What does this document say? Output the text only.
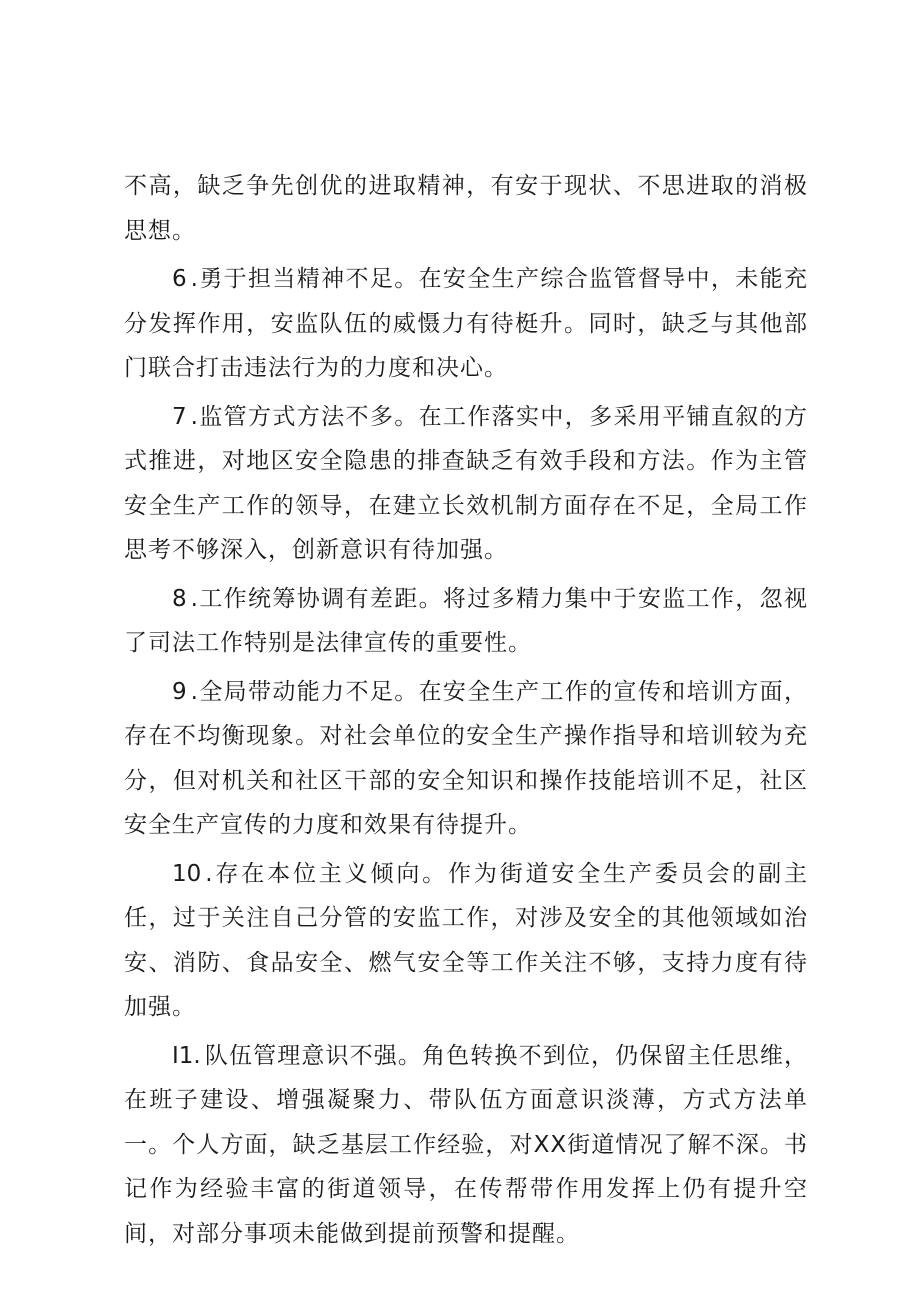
不高，缺乏争先创优的进取精神，有安于现状、不思进取的消极思想。

6 .勇于担当精神不足。在安全生产综合监管督导中，未能充分发挥作用，安监队伍的威慑力有待梃升。同时，缺乏与其他部门联合打击违法行为的力度和决心。

7 .监管方式方法不多。在工作落实中，多采用平铺直叙的方式推进，对地区安全隐患的排查缺乏有效手段和方法。作为主管安全生产工作的领导，在建立长效机制方面存在不足，全局工作思考不够深入，创新意识有待加强。

8 .工作统筹协调有差距。将过多精力集中于安监工作，忽视了司法工作特别是法律宣传的重要性。

9 .全局带动能力不足。在安全生产工作的宣传和培训方面，存在不均衡现象。对社会单位的安全生产操作指导和培训较为充分，但对机关和社区干部的安全知识和操作技能培训不足，社区安全生产宣传的力度和效果有待提升。

10 .存在本位主义倾向。作为街道安全生产委员会的副主任，过于关注自己分管的安监工作，对涉及安全的其他领域如治安、消防、食品安全、燃气安全等工作关注不够，支持力度有待加强。

I1. 队伍管理意识不强。角色转换不到位，仍保留主任思维，在班子建设、增强凝聚力、带队伍方面意识淡薄，方式方法单一。个人方面，缺乏基层工作经验，对XX街道情况了解不深。书记作为经验丰富的街道领导，在传帮带作用发挥上仍有提升空间，对部分事项未能做到提前预警和提醒。
